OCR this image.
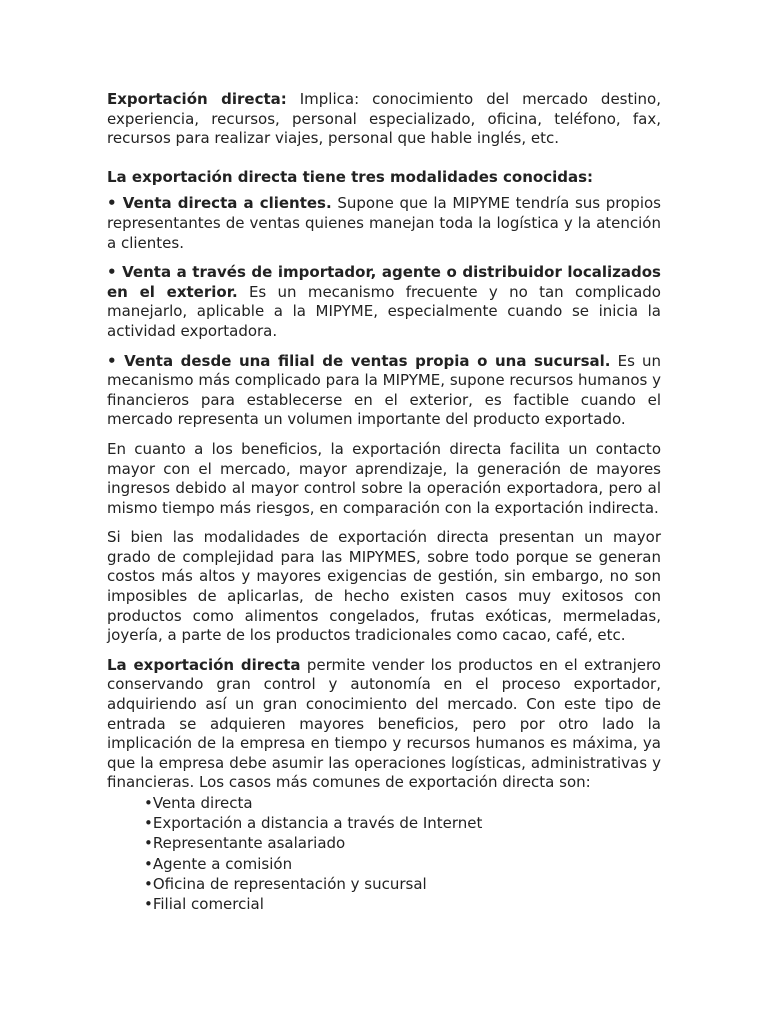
Exportación directa: Implica: conocimiento del mercado destino, experiencia, recursos, personal especializado, oficina, teléfono, fax, recursos para realizar viajes, personal que hable inglés, etc.

La exportación directa tiene tres modalidades conocidas:

• Venta directa a clientes. Supone que la MIPYME tendría sus propios representantes de ventas quienes manejan toda la logística y la atención a clientes.

• Venta a través de importador, agente o distribuidor localizados en el exterior. Es un mecanismo frecuente y no tan complicado manejarlo, aplicable a la MIPYME, especialmente cuando se inicia la actividad exportadora.

• Venta desde una filial de ventas propia o una sucursal. Es un mecanismo más complicado para la MIPYME, supone recursos humanos y financieros para establecerse en el exterior, es factible cuando el mercado representa un volumen importante del producto exportado.

En cuanto a los beneficios, la exportación directa facilita un contacto mayor con el mercado, mayor aprendizaje, la generación de mayores ingresos debido al mayor control sobre la operación exportadora, pero al mismo tiempo más riesgos, en comparación con la exportación indirecta.

Si bien las modalidades de exportación directa presentan un mayor grado de complejidad para las MIPYMES, sobre todo porque se generan costos más altos y mayores exigencias de gestión, sin embargo, no son imposibles de aplicarlas, de hecho existen casos muy exitosos con productos como alimentos congelados, frutas exóticas, mermeladas, joyería, a parte de los productos tradicionales como cacao, café, etc.

La exportación directa permite vender los productos en el extranjero conservando gran control y autonomía en el proceso exportador, adquiriendo así un gran conocimiento del mercado. Con este tipo de entrada se adquieren mayores beneficios, pero por otro lado la implicación de la empresa en tiempo y recursos humanos es máxima, ya que la empresa debe asumir las operaciones logísticas, administrativas y financieras. Los casos más comunes de exportación directa son:

•Venta directa
•Exportación a distancia a través de Internet
•Representante asalariado
•Agente a comisión
•Oficina de representación y sucursal
•Filial comercial
